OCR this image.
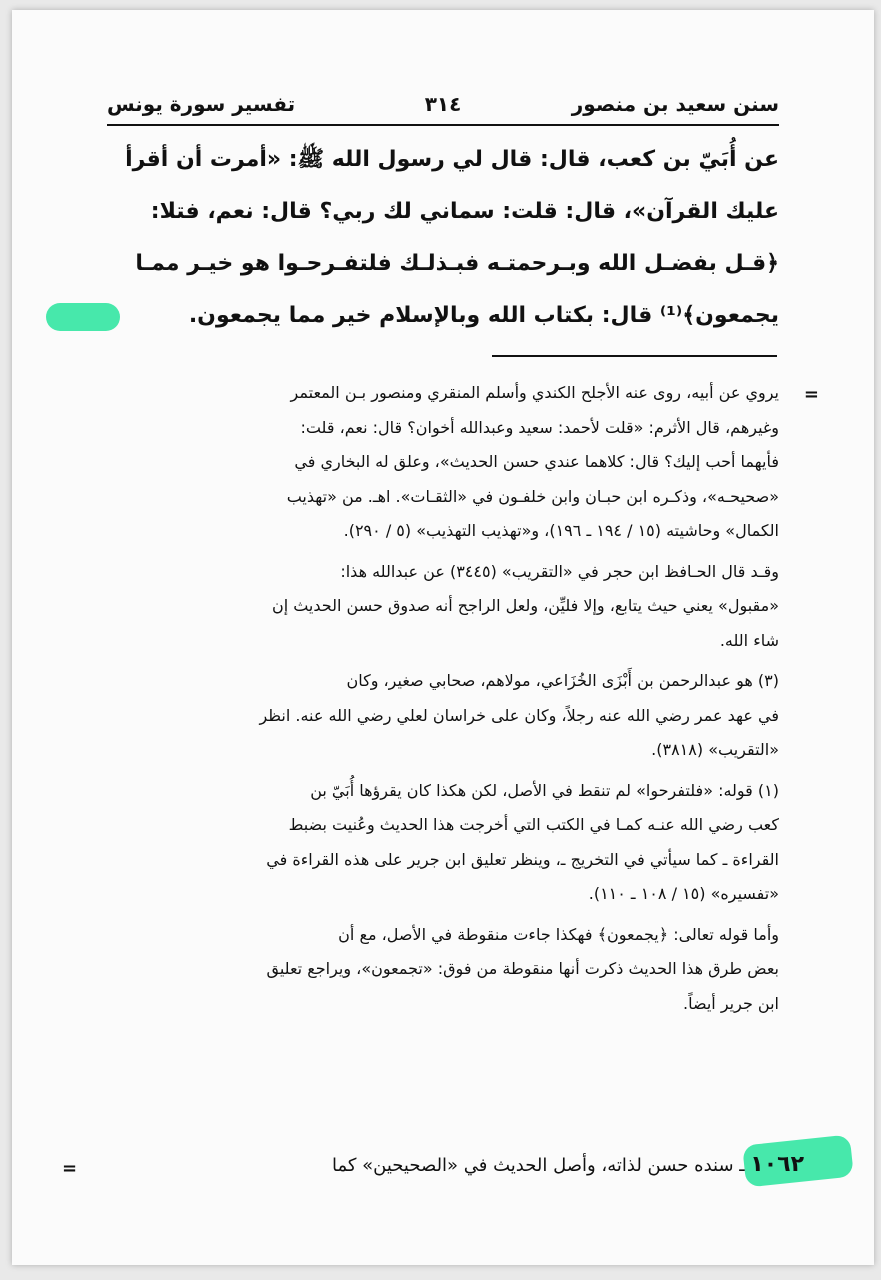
سنن سعيد بن منصور
٣١٤
تفسير سورة يونس
عن أُبَيّ بن كعب، قال: قال لي رسول الله ﷺ: «أمرت أن أقرأ
عليك القرآن»، قال: قلت: سماني لك ربي؟ قال: نعم، فتلا:
﴿قـل بفضـل الله وبـرحمتـه فبـذلـك فلتفـرحـوا هو خيـر ممـا
يجمعون﴾⁽¹⁾ قال: بكتاب الله وبالإسلام خير مما يجمعون.
=
يروي عن أبيه، روى عنه الأجلح الكندي وأسلم المنقري ومنصور بـن المعتمر
وغيرهم، قال الأثرم: «قلت لأحمد: سعيد وعبدالله أخوان؟ قال: نعم، قلت:
فأيهما أحب إليك؟ قال: كلاهما عندي حسن الحديث»، وعلق له البخاري في
«صحيحـه»، وذكـره ابن حبـان وابن خلفـون في «الثقـات». اهـ. من «تهذيب
الكمال» وحاشيته (١٥ / ١٩٤ ـ ١٩٦)، و«تهذيب التهذيب» (٥ / ٢٩٠).
وقـد قال الحـافظ ابن حجر في «التقريب» (٣٤٤٥) عن عبدالله هذا:
«مقبول» يعني حيث يتابع، وإلا فليِّن، ولعل الراجح أنه صدوق حسن الحديث إن
شاء الله.
(٣) هو عبدالرحمن بن أَبْزَى الخُزَاعي، مولاهم، صحابي صغير، وكان
في عهد عمر رضي الله عنه رجلاً، وكان على خراسان لعلي رضي الله عنه. انظر
«التقريب» (٣٨١٨).
(١) قوله: «فلتفرحوا» لم تنقط في الأصل، لكن هكذا كان يقرؤها أُبَيّ بن
كعب رضي الله عنـه كمـا في الكتب التي أخرجت هذا الحديث وعُنيت بضبط
القراءة ـ كما سيأتي في التخريج ـ، وينظر تعليق ابن جرير على هذه القراءة في
«تفسيره» (١٥ / ١٠٨ ـ ١١٠).
وأما قوله تعالى: ﴿يجمعون﴾ فهكذا جاءت منقوطة في الأصل، مع أن
بعض طرق هذا الحديث ذكرت أنها منقوطة من فوق: «تجمعون»، ويراجع تعليق
ابن جرير أيضاً.
١٠٦٢ ـ سنده حسن لذاته، وأصل الحديث في «الصحيحين» كما
=
